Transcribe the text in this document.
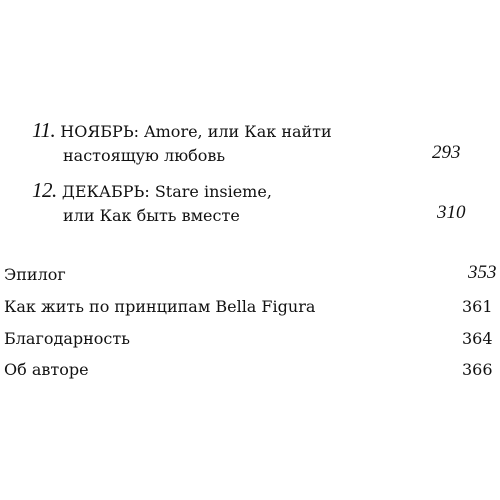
11. НОЯБРЬ: Amore, или Как найти
настоящую любовь	293
12. ДЕКАБРЬ: Stare insieme,
или Как быть вместе	310
Эпилог	353
Как жить по принципам Bella Figura	361
Благодарность	364
Об авторе	366
